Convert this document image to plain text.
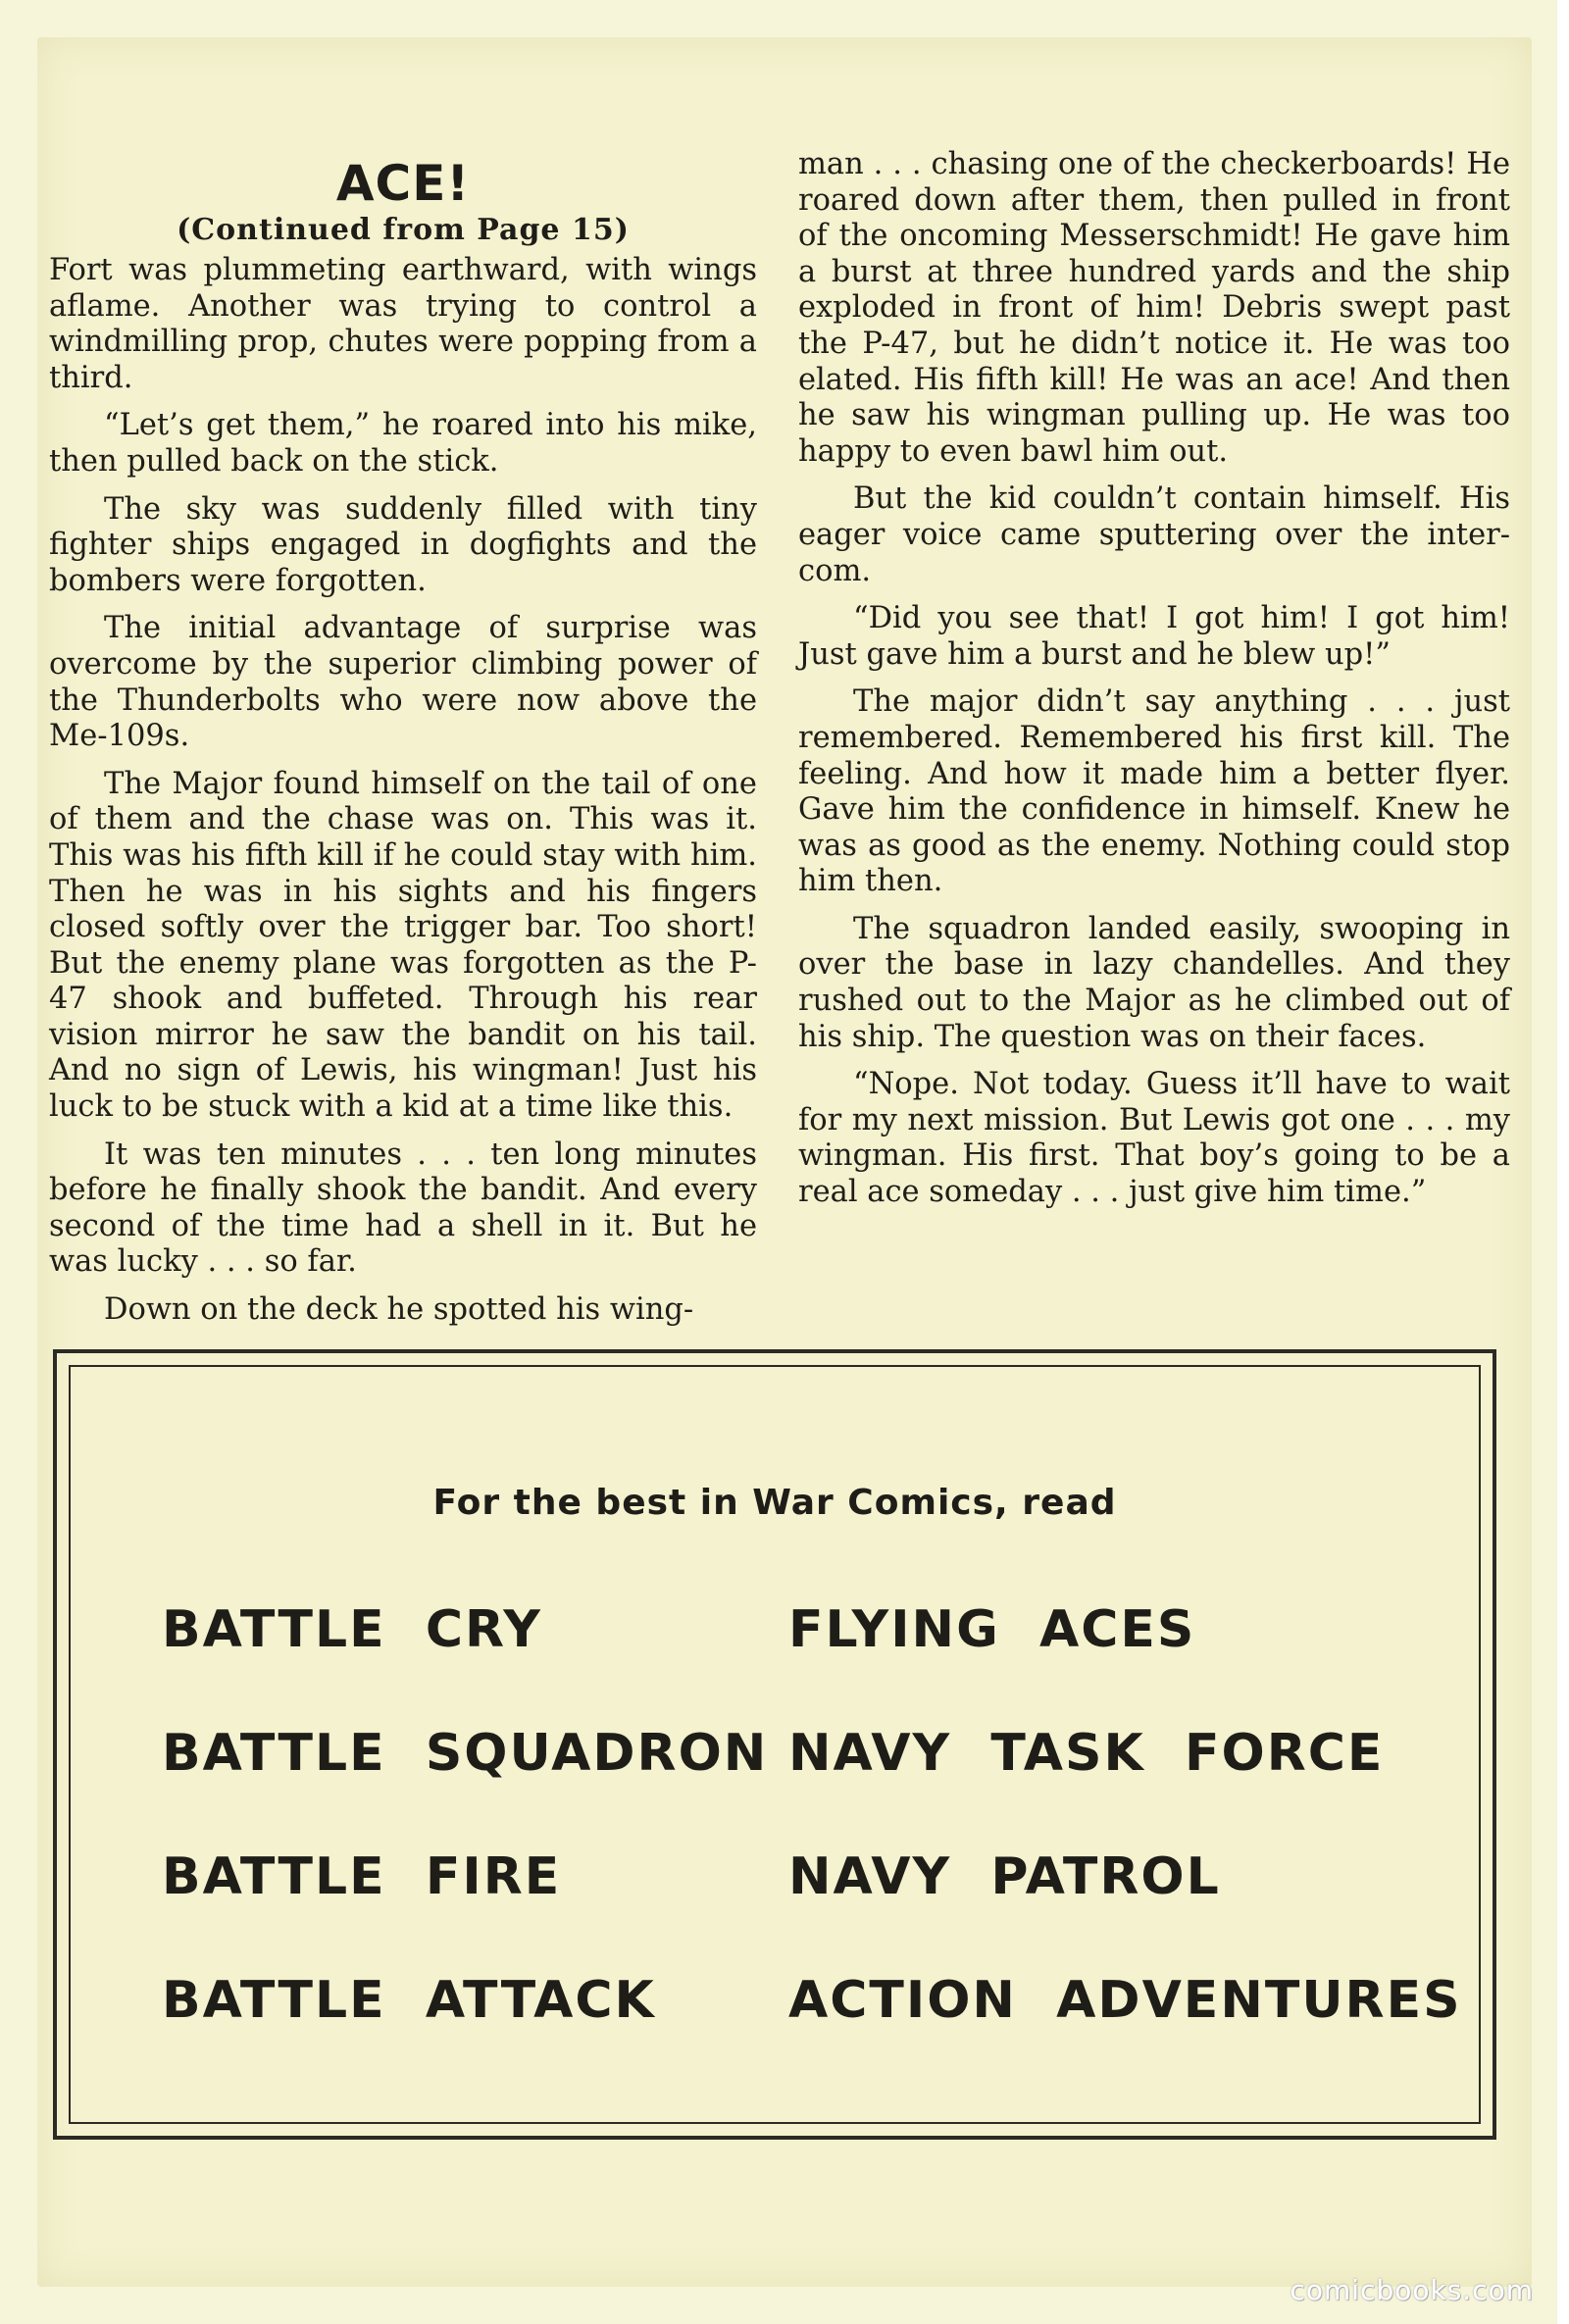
ACE!
(Continued from Page 15)

Fort was plummeting earthward, with wings aflame. Another was trying to control a windmilling prop, chutes were popping from a third.

“Let’s get them,” he roared into his mike, then pulled back on the stick.

The sky was suddenly filled with tiny fighter ships engaged in dogfights and the bombers were forgotten.

The initial advantage of surprise was overcome by the superior climbing power of the Thunderbolts who were now above the Me-109s.

The Major found himself on the tail of one of them and the chase was on. This was it. This was his fifth kill if he could stay with him. Then he was in his sights and his fingers closed softly over the trigger bar. Too short! But the enemy plane was forgotten as the P-47 shook and buffeted. Through his rear vision mirror he saw the bandit on his tail. And no sign of Lewis, his wingman! Just his luck to be stuck with a kid at a time like this.

It was ten minutes . . . ten long minutes before he finally shook the bandit. And every second of the time had a shell in it. But he was lucky . . . so far.

Down on the deck he spotted his wing-

man . . . chasing one of the checkerboards! He roared down after them, then pulled in front of the oncoming Messerschmidt! He gave him a burst at three hundred yards and the ship exploded in front of him! Debris swept past the P-47, but he didn’t notice it. He was too elated. His fifth kill! He was an ace! And then he saw his wingman pulling up. He was too happy to even bawl him out.

But the kid couldn’t contain himself. His eager voice came sputtering over the inter-com.

“Did you see that! I got him! I got him! Just gave him a burst and he blew up!”

The major didn’t say anything . . . just remembered. Remembered his first kill. The feeling. And how it made him a better flyer. Gave him the confidence in himself. Knew he was as good as the enemy. Nothing could stop him then.

The squadron landed easily, swooping in over the base in lazy chandelles. And they rushed out to the Major as he climbed out of his ship. The question was on their faces.

“Nope. Not today. Guess it’ll have to wait for my next mission. But Lewis got one . . . my wingman. His first. That boy’s going to be a real ace someday . . . just give him time.”

For the best in War Comics, read
BATTLE  CRY
BATTLE  SQUADRON
BATTLE  FIRE
BATTLE  ATTACK
FLYING  ACES
NAVY  TASK  FORCE
NAVY  PATROL
ACTION  ADVENTURES
comicbooks.com
